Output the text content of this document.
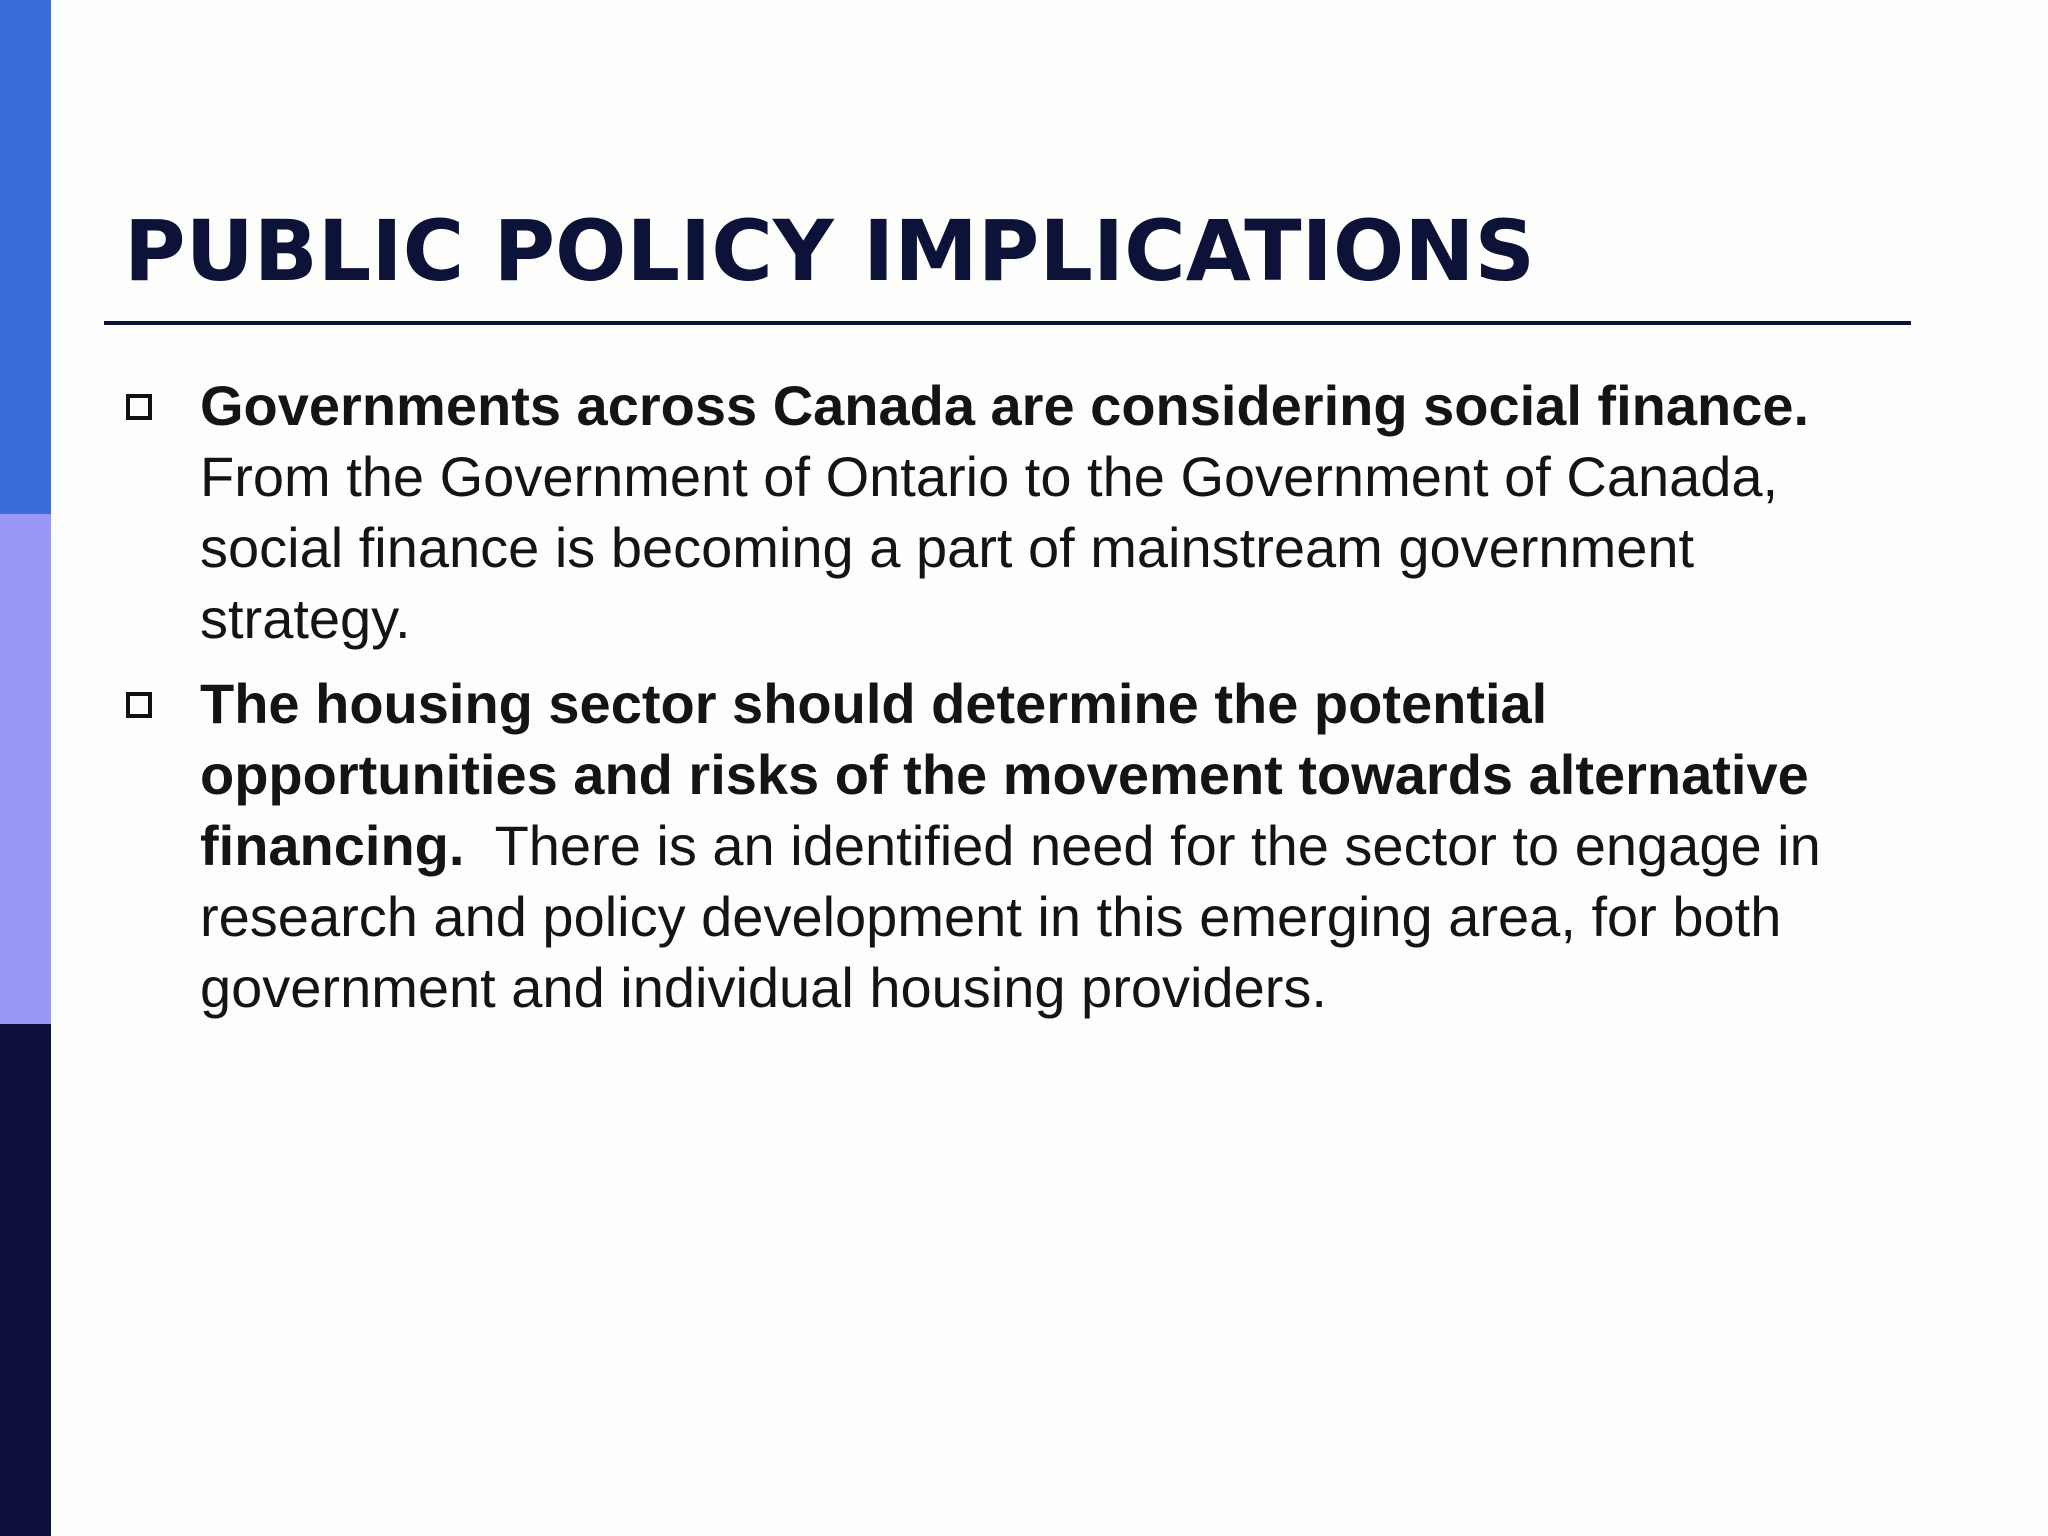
PUBLIC POLICY IMPLICATIONS
Governments across Canada are considering social finance.  From the Government of Ontario to the Government of Canada, social finance is becoming a part of mainstream government strategy.
The housing sector should determine the potential opportunities and risks of the movement towards alternative financing. There is an identified need for the sector to engage in research and policy development in this emerging area, for both government and individual housing providers.
